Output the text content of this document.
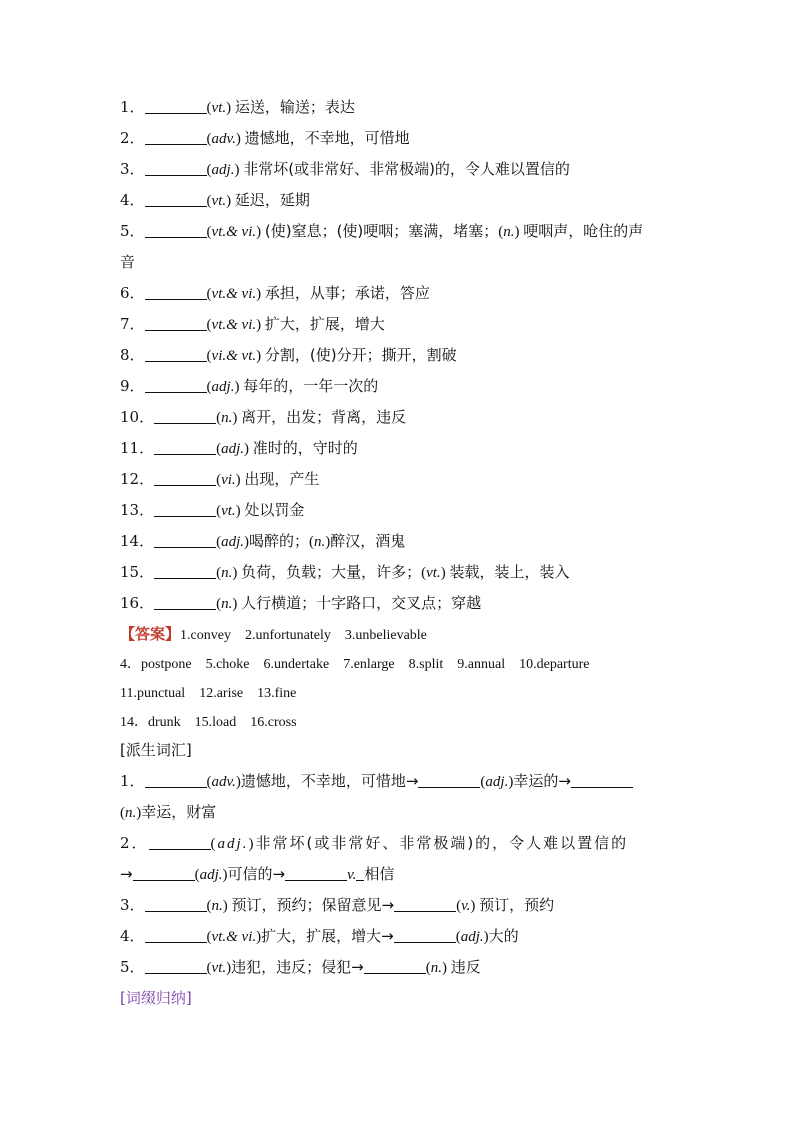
1．	(vt.) 运送，输送；表达
2．	(adv.) 遗憾地，不幸地，可惜地
3．	(adj.) 非常坏(或非常好、非常极端)的，令人难以置信的
4．	(vt.) 延迟，延期
5．	(vt.& vi.) (使)窒息；(使)哽咽；塞满，堵塞；(n.) 哽咽声，呛住的声
音
6．	(vt.& vi.) 承担，从事；承诺，答应
7．	(vt.& vi.) 扩大，扩展，增大
8．	(vi.& vt.) 分割，(使)分开；撕开，割破
9．	(adj.) 每年的，一年一次的
10．	(n.) 离开，出发；背离，违反
11．	(adj.) 准时的，守时的
12．	(vi.) 出现，产生
13．	(vt.) 处以罚金
14．	(adj.)喝醉的；(n.)醉汉，酒鬼
15．	(n.) 负荷，负载；大量，许多；(vt.) 装载，装上，装入
16．	(n.) 人行横道；十字路口，交叉点；穿越
【答案】1.convey 2.unfortunately 3.unbelievable
4．postpone 5.choke 6.undertake 7.enlarge 8.split 9.annual 10.departure
11.punctual 12.arise 13.fine
14．drunk 15.load 16.cross
[派生词汇]
1．	(adv.)遗憾地，不幸地，可惜地→	(adj.)幸运的→
(n.)幸运，财富
2．	(adj.)非常坏(或非常好、非常极端)的，令人难以置信的
→	(adj.)可信的→	v. 相信
3．	(n.) 预订，预约；保留意见→	(v.) 预订，预约
4．	(vt.& vi.)扩大，扩展，增大→	(adj.)大的
5．	(vt.)违犯，违反；侵犯→	(n.) 违反
[词缀归纳]
